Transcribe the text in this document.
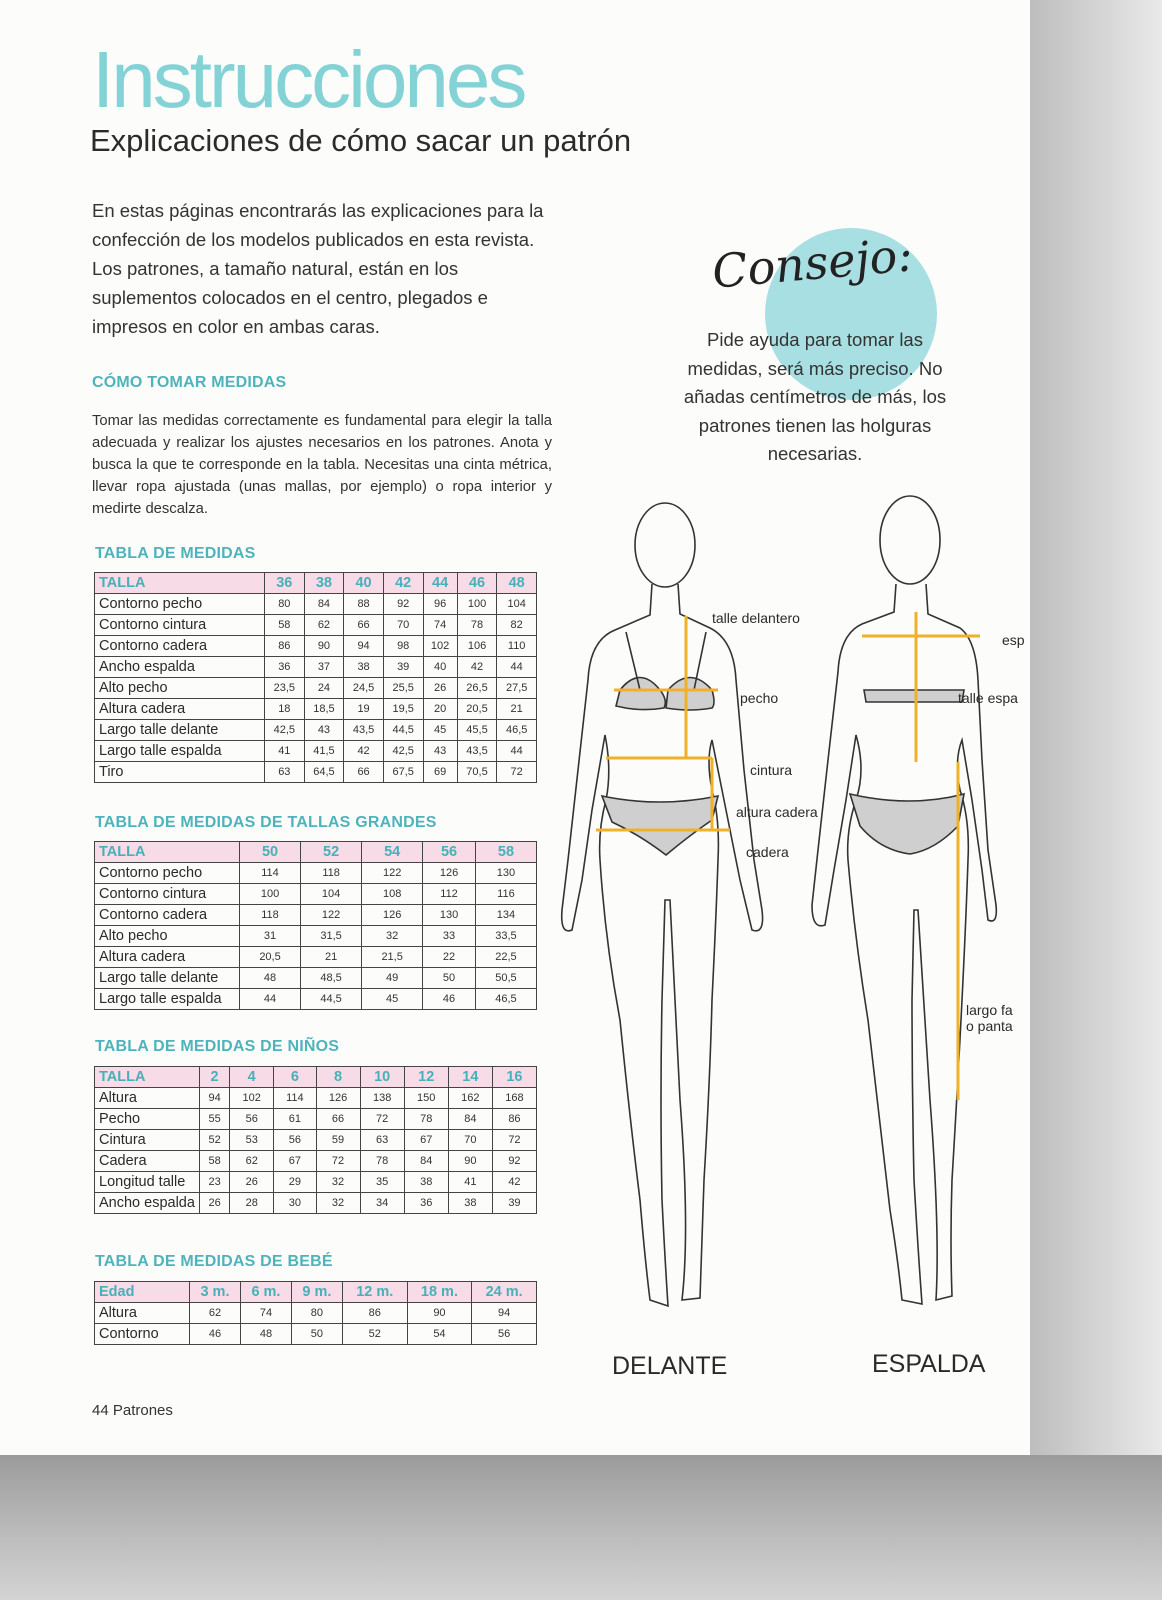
Instrucciones
Explicaciones de cómo sacar un patrón
En estas páginas encontrarás las explicaciones para la confección de los modelos publicados en esta revista. Los patrones, a tamaño natural, están en los suplementos colocados en el centro, plegados e impresos en color en ambas caras.
CÓMO TOMAR MEDIDAS
Tomar las medidas correctamente es fundamental para elegir la talla adecuada y realizar los ajustes necesarios en los patrones. Anota y busca la que te corresponde en la tabla. Necesitas una cinta métrica, llevar ropa ajustada (unas mallas, por ejemplo) o ropa interior y medirte descalza.
TABLA DE MEDIDAS
TABLA DE MEDIDAS DE TALLAS GRANDES
TABLA DE MEDIDAS DE NIÑOS
TABLA DE MEDIDAS DE BEBÉ
TALLA	36	38	40	42	44	46	48
Contorno pecho	80	84	88	92	96	100	104
Contorno cintura	58	62	66	70	74	78	82
Contorno cadera	86	90	94	98	102	106	110
Ancho espalda	36	37	38	39	40	42	44
Alto pecho	23,5	24	24,5	25,5	26	26,5	27,5
Altura cadera	18	18,5	19	19,5	20	20,5	21
Largo talle delante	42,5	43	43,5	44,5	45	45,5	46,5
Largo talle espalda	41	41,5	42	42,5	43	43,5	44
Tiro	63	64,5	66	67,5	69	70,5	72
TALLA	50	52	54	56	58
Contorno pecho	114	118	122	126	130
Contorno cintura	100	104	108	112	116
Contorno cadera	118	122	126	130	134
Alto pecho	31	31,5	32	33	33,5
Altura cadera	20,5	21	21,5	22	22,5
Largo talle delante	48	48,5	49	50	50,5
Largo talle espalda	44	44,5	45	46	46,5
TALLA	2	4	6	8	10	12	14	16
Altura	94	102	114	126	138	150	162	168
Pecho	55	56	61	66	72	78	84	86
Cintura	52	53	56	59	63	67	70	72
Cadera	58	62	67	72	78	84	90	92
Longitud talle	23	26	29	32	35	38	41	42
Ancho espalda	26	28	30	32	34	36	38	39
Edad	3 m.	6 m.	9 m.	12 m.	18 m.	24 m.
Altura	62	74	80	86	90	94
Contorno	46	48	50	52	54	56
Consejo:
Pide ayuda para tomar las medidas, será más preciso. No añadas centímetros de más, los patrones tienen las holguras necesarias.
talle delantero
pecho
cintura
altura cadera
cadera
esp
talle espa
largo fa
o panta
DELANTE	ESPALDA
44 Patrones
